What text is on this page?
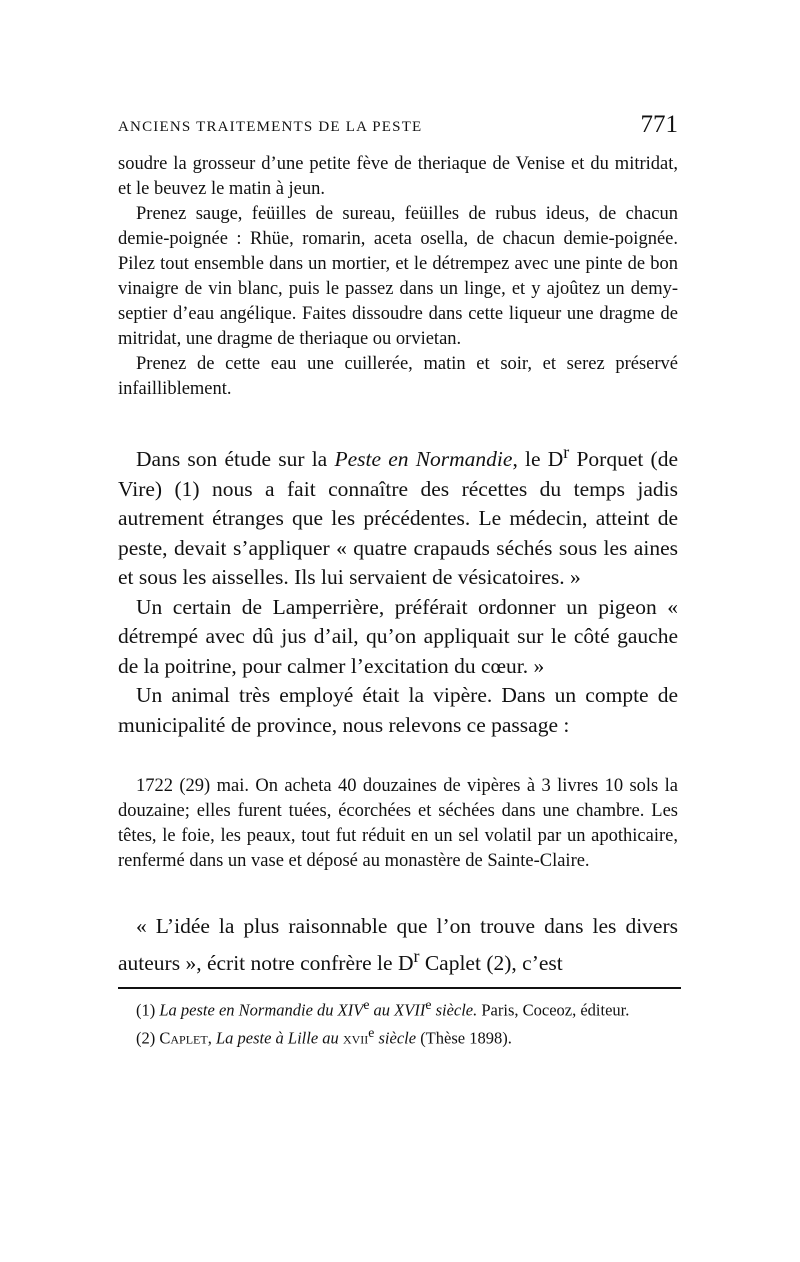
ANCIENS TRAITEMENTS DE LA PESTE	771

soudre la grosseur d’une petite fève de theriaque de Venise et du mitridat, et le beuvez le matin à jeun.

Prenez sauge, feüilles de sureau, feüilles de rubus ideus, de chacun demie-poignée : Rhüe, romarin, aceta osella, de chacun demie-poignée. Pilez tout ensemble dans un mortier, et le détrempez avec une pinte de bon vinaigre de vin blanc, puis le passez dans un linge, et y ajoûtez un demy-septier d’eau angélique. Faites dissoudre dans cette liqueur une dragme de mitridat, une dragme de theriaque ou orvietan.

Prenez de cette eau une cuillerée, matin et soir, et serez préservé infailliblement.

Dans son étude sur la Peste en Normandie, le $D^r$ Porquet (de Vire) (1) nous a fait connaître des récettes du temps jadis autrement étranges que les précédentes. Le médecin, atteint de peste, devait s’appliquer « quatre crapauds séchés sous les aines et sous les aisselles. Ils lui servaient de vésicatoires. »

Un certain de Lamperrière, préférait ordonner un pigeon « détrempé avec dû jus d’ail, qu’on appliquait sur le côté gauche de la poitrine, pour calmer l’excitation du cœur. »

Un animal très employé était la vipère. Dans un compte de municipalité de province, nous relevons ce passage :

1722 (29) mai. On acheta 40 douzaines de vipères à 3 livres 10 sols la douzaine; elles furent tuées, écorchées et séchées dans une chambre. Les têtes, le foie, les peaux, tout fut réduit en un sel volatil par un apothicaire, renfermé dans un vase et déposé au monastère de Sainte-Claire.

« L’idée la plus raisonnable que l’on trouve dans les divers auteurs », écrit notre confrère le $D^r$ Caplet (2), c’est

(1) La peste en Normandie du XIVe au XVIIe siècle. Paris, Coceoz, éditeur.

(2) Caplet, La peste à Lille au xvii$^e$ siècle (Thèse 1898).
